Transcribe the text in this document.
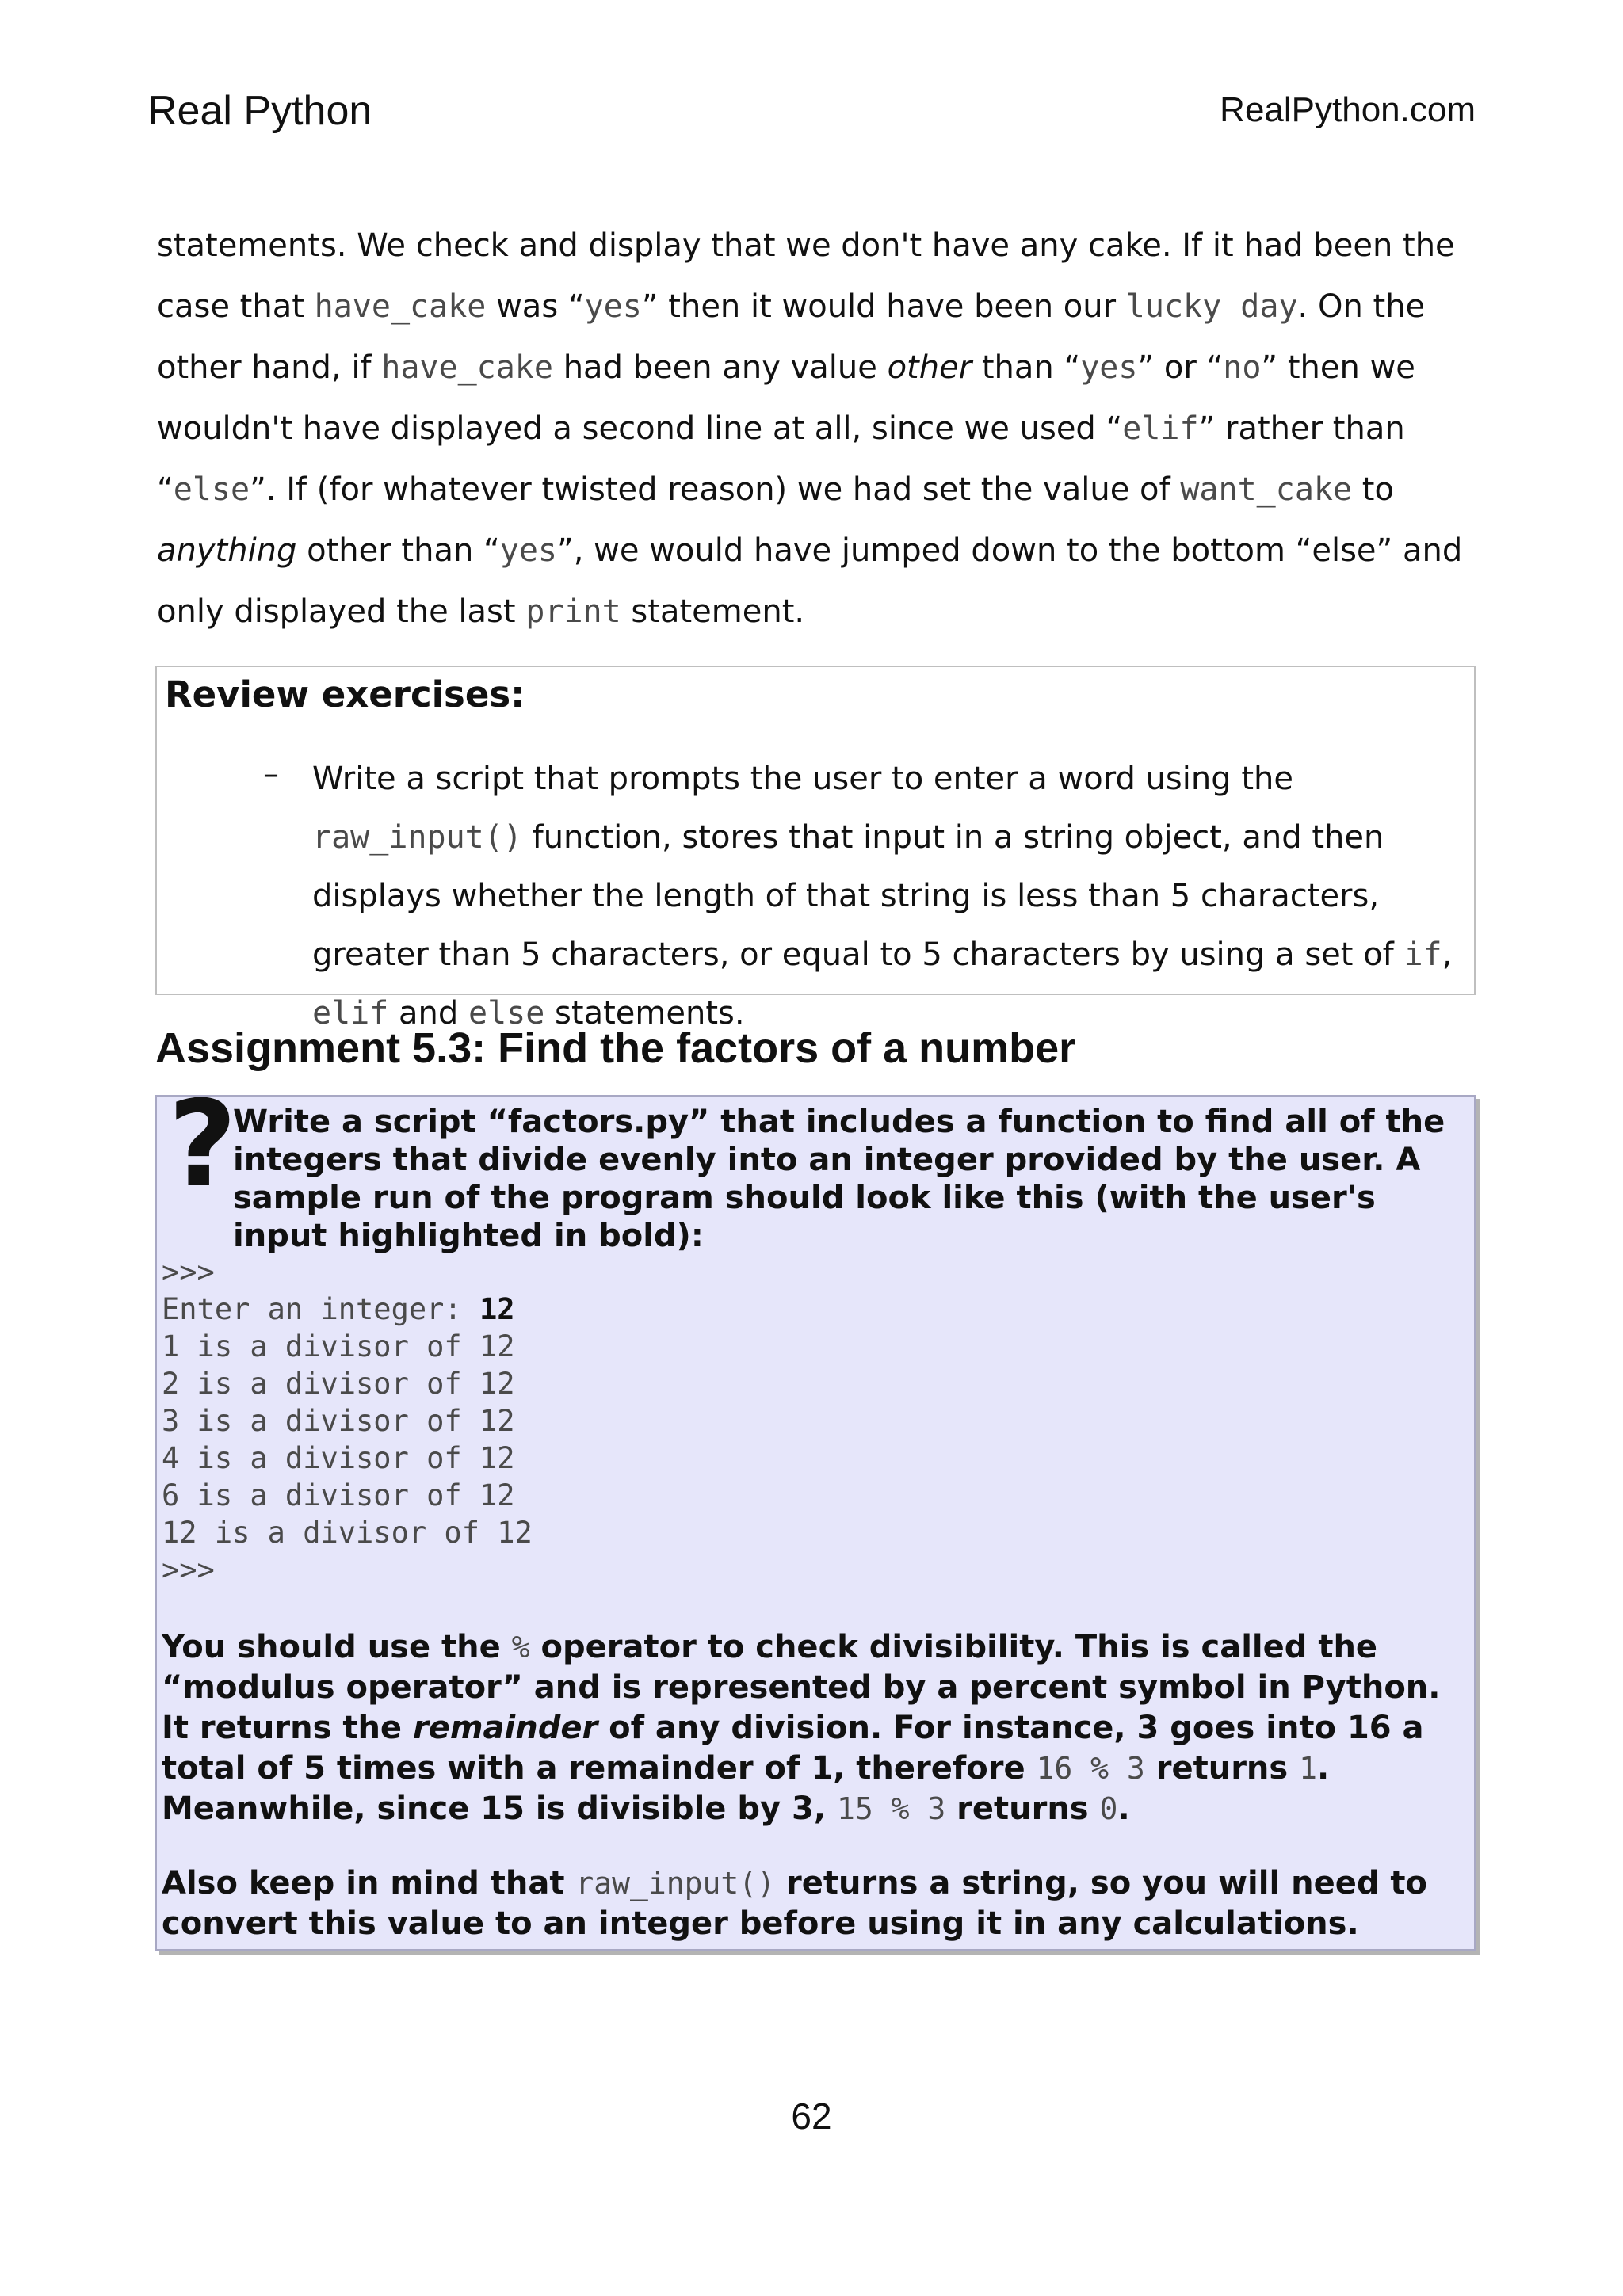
Real Python	RealPython.com

statements. We check and display that we don't have any cake. If it had been the case that have_cake was “yes” then it would have been our lucky day. On the other hand, if have_cake had been any value other than “yes” or “no” then we wouldn't have displayed a second line at all, since we used “elif” rather than “else”. If (for whatever twisted reason) we had set the value of want_cake to anything other than “yes”, we would have jumped down to the bottom “else” and only displayed the last print statement.

Review exercises:
– Write a script that prompts the user to enter a word using the raw_input() function, stores that input in a string object, and then displays whether the length of that string is less than 5 characters, greater than 5 characters, or equal to 5 characters by using a set of if, elif and else statements.
Assignment 5.3: Find the factors of a number
?
Write a script “factors.py” that includes a function to find all of the integers that divide evenly into an integer provided by the user. A sample run of the program should look like this (with the user's input highlighted in bold):
>>>
Enter an integer: 12
1 is a divisor of 12
2 is a divisor of 12
3 is a divisor of 12
4 is a divisor of 12
6 is a divisor of 12
12 is a divisor of 12
>>>
You should use the % operator to check divisibility. This is called the “modulus operator” and is represented by a percent symbol in Python. It returns the remainder of any division. For instance, 3 goes into 16 a total of 5 times with a remainder of 1, therefore 16 % 3 returns 1. Meanwhile, since 15 is divisible by 3, 15 % 3 returns 0.
Also keep in mind that raw_input() returns a string, so you will need to convert this value to an integer before using it in any calculations.
62
